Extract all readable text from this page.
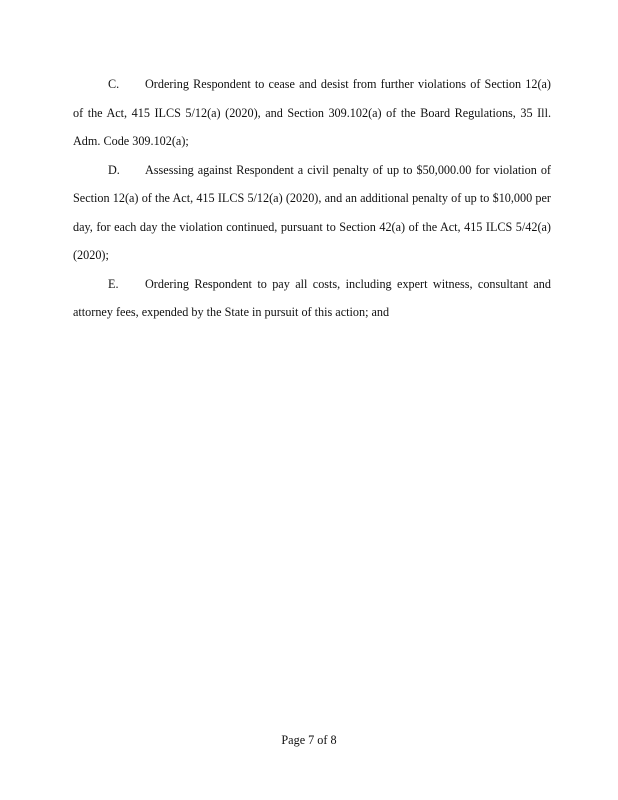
C. Ordering Respondent to cease and desist from further violations of Section 12(a) of the Act, 415 ILCS 5/12(a) (2020), and Section 309.102(a) of the Board Regulations, 35 Ill. Adm. Code 309.102(a);

D. Assessing against Respondent a civil penalty of up to $50,000.00 for violation of Section 12(a) of the Act, 415 ILCS 5/12(a) (2020), and an additional penalty of up to $10,000 per day, for each day the violation continued, pursuant to Section 42(a) of the Act, 415 ILCS 5/42(a) (2020);

E. Ordering Respondent to pay all costs, including expert witness, consultant and attorney fees, expended by the State in pursuit of this action; and

Page 7 of 8
